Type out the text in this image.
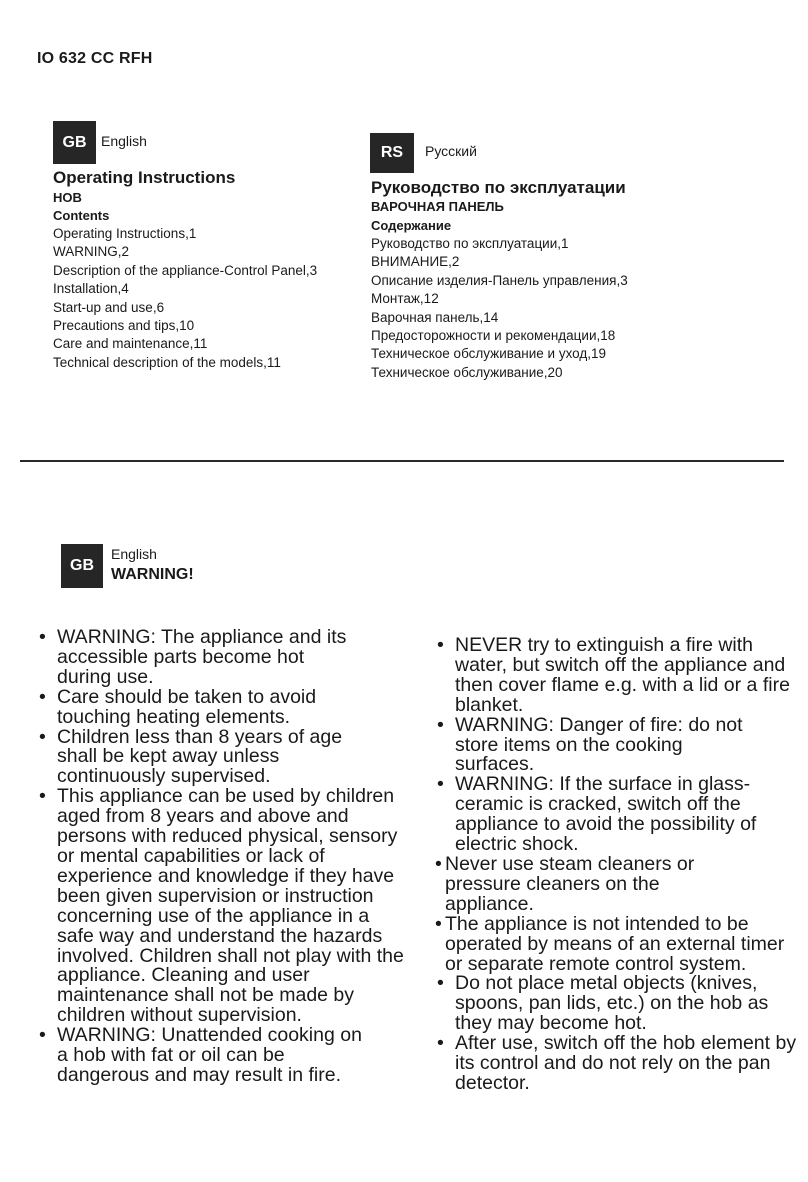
IO 632 CC RFH
GB	English
Operating Instructions
HOB
Contents
Operating Instructions,1
WARNING,2
Description of the appliance-Control Panel,3
Installation,4
Start-up and use,6
Precautions and tips,10
Care and maintenance,11
Technical description of the models,11
RS	Русский
Руководство по эксплуатации
ВАРОЧНАЯ ПАНЕЛЬ
Содержание
Руководство по эксплуатации,1
ВНИМАНИЕ,2
Описание изделия-Панель управления,3
Монтаж,12
Варочная панель,14
Предосторожности и рекомендации,18
Техническое обслуживание и уход,19
Техническое обслуживание,20
GB
English
WARNING!
• WARNING: The appliance and its accessible parts become hot during use.
• Care should be taken to avoid touching heating elements.
• Children less than 8 years of age shall be kept away unless continuously supervised.
• This appliance can be used by children aged from 8 years and above and persons with reduced physical, sensory or mental capabilities or lack of experience and knowledge if they have been given supervision or instruction concerning use of the appliance in a safe way and understand the hazards involved. Children shall not play with the appliance. Cleaning and user maintenance shall not be made by children without supervision.
• WARNING: Unattended cooking on a hob with fat or oil can be dangerous and may result in fire.
• NEVER try to extinguish a fire with water, but switch off the appliance and then cover flame e.g. with a lid or a fire blanket.
• WARNING: Danger of fire: do not store items on the cooking surfaces.
• WARNING: If the surface in glass-ceramic is cracked, switch off the appliance to avoid the possibility of electric shock.
• Never use steam cleaners or pressure cleaners on the appliance.
• The appliance is not intended to be operated by means of an external timer or separate remote control system.
• Do not place metal objects (knives, spoons, pan lids, etc.) on the hob as they may become hot.
• After use, switch off the hob element by its control and do not rely on the pan detector.
